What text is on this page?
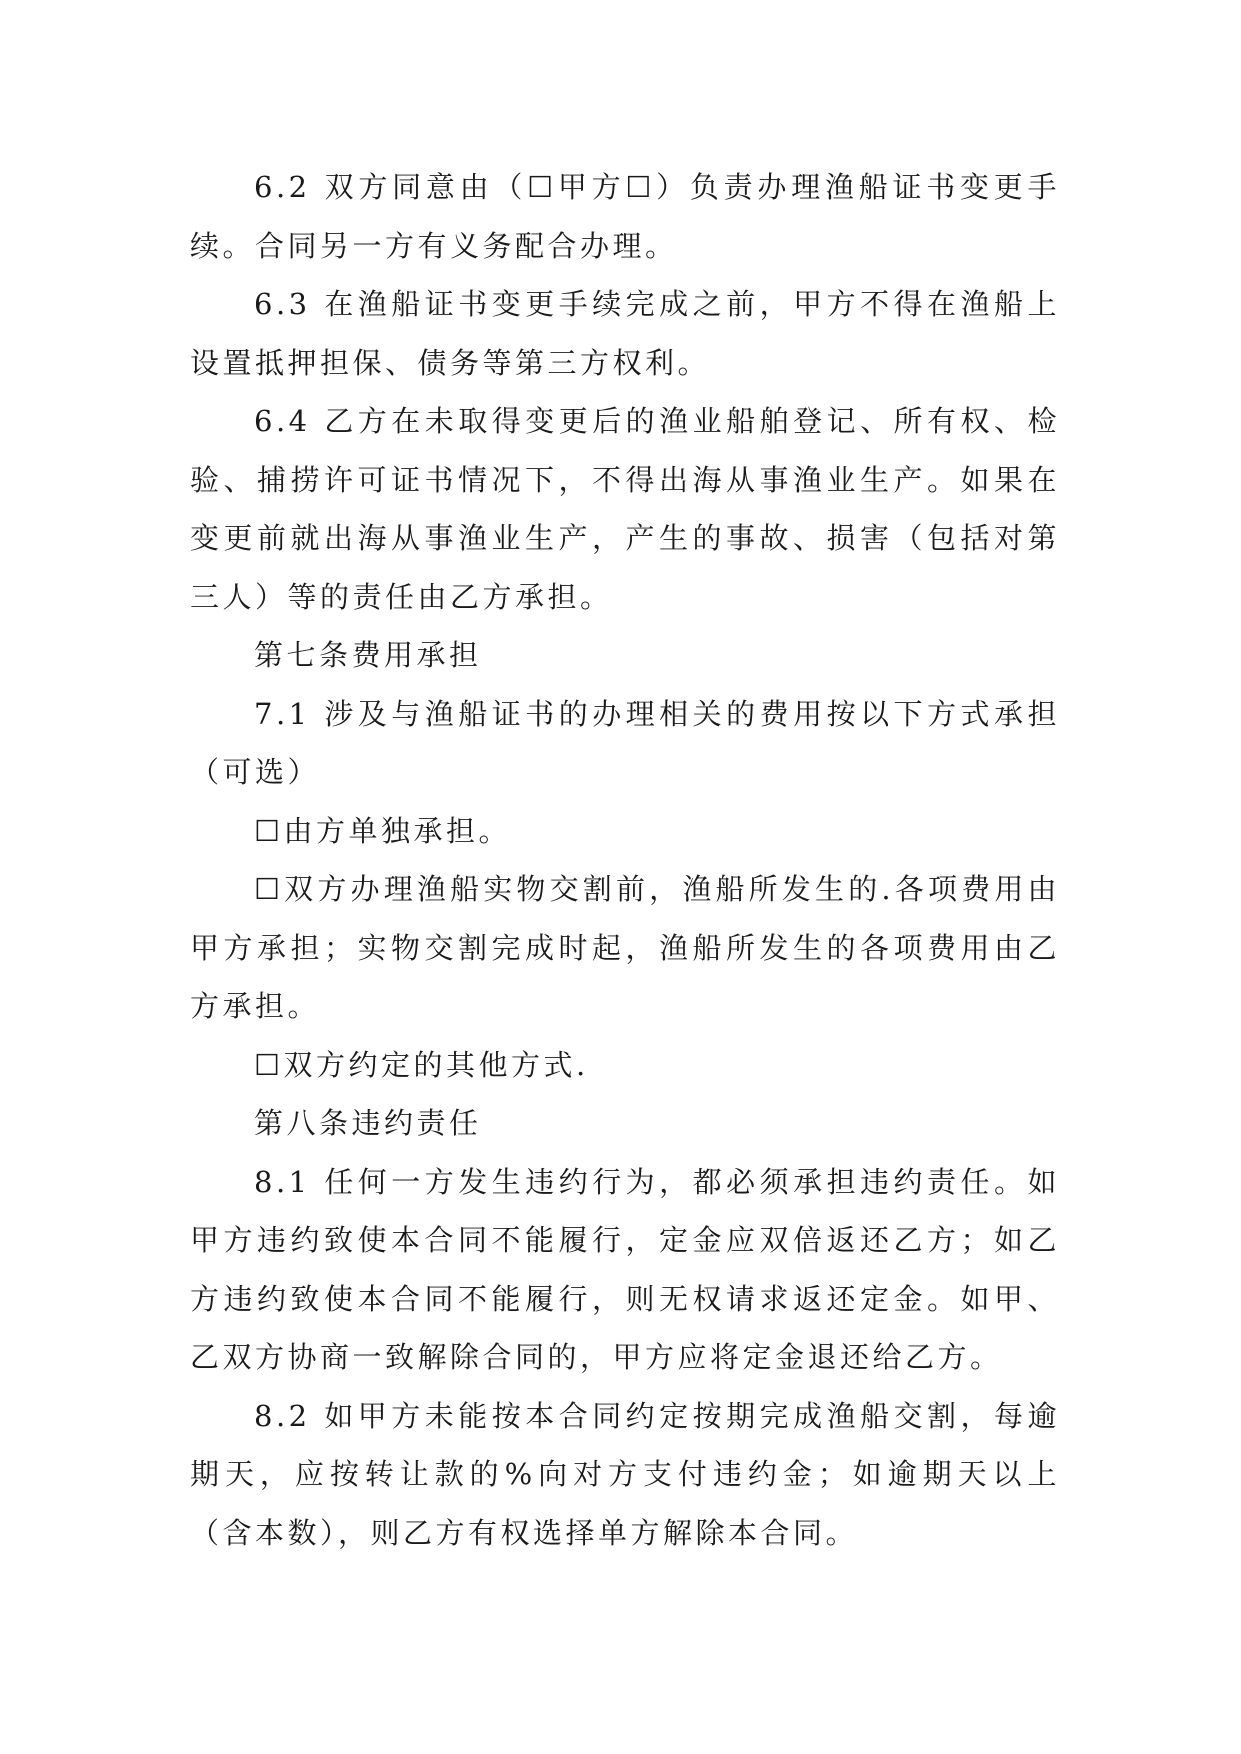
6.2 双方同意由（☐甲方☐）负责办理渔船证书变更手续。合同另一方有义务配合办理。

6.3 在渔船证书变更手续完成之前，甲方不得在渔船上设置抵押担保、债务等第三方权利。

6.4 乙方在未取得变更后的渔业船舶登记、所有权、检验、捕捞许可证书情况下，不得出海从事渔业生产。如果在变更前就出海从事渔业生产，产生的事故、损害（包括对第三人）等的责任由乙方承担。

第七条费用承担

7.1 涉及与渔船证书的办理相关的费用按以下方式承担（可选）

☐由方单独承担。

☐双方办理渔船实物交割前，渔船所发生的.各项费用由甲方承担；实物交割完成时起，渔船所发生的各项费用由乙方承担。

☐双方约定的其他方式.

第八条违约责任

8.1 任何一方发生违约行为，都必须承担违约责任。如甲方违约致使本合同不能履行，定金应双倍返还乙方；如乙方违约致使本合同不能履行，则无权请求返还定金。如甲、乙双方协商一致解除合同的，甲方应将定金退还给乙方。

8.2 如甲方未能按本合同约定按期完成渔船交割，每逾期天，应按转让款的%向对方支付违约金；如逾期天以上（含本数），则乙方有权选择单方解除本合同。
